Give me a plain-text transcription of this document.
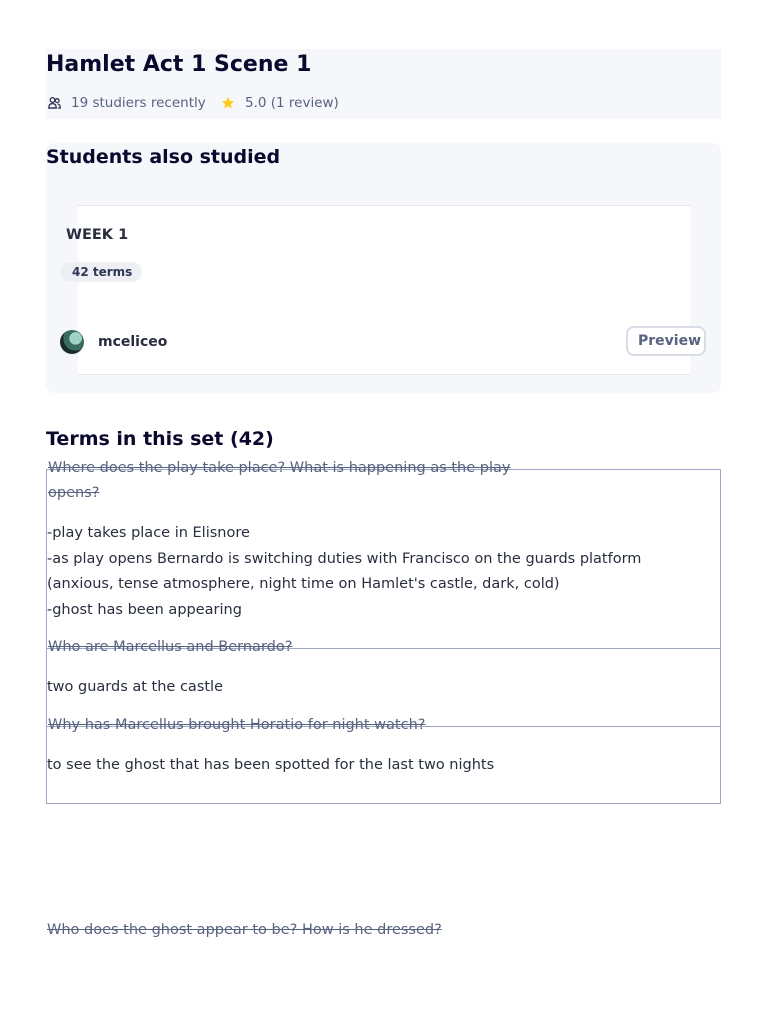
Hamlet Act 1 Scene 1
19 studiers recently	5.0 (1 review)
Students also studied
WEEK 1
42 terms
mceliceo	Preview
Terms in this set (42)
Where does the play take place? What is happening as the play
opens?
-play takes place in Elisnore
-as play opens Bernardo is switching duties with Francisco on the guards platform
(anxious, tense atmosphere, night time on Hamlet's castle, dark, cold)
-ghost has been appearing
Who are Marcellus and Bernardo?
two guards at the castle
Why has Marcellus brought Horatio for night watch?
to see the ghost that has been spotted for the last two nights
Who does the ghost appear to be? How is he dressed?
